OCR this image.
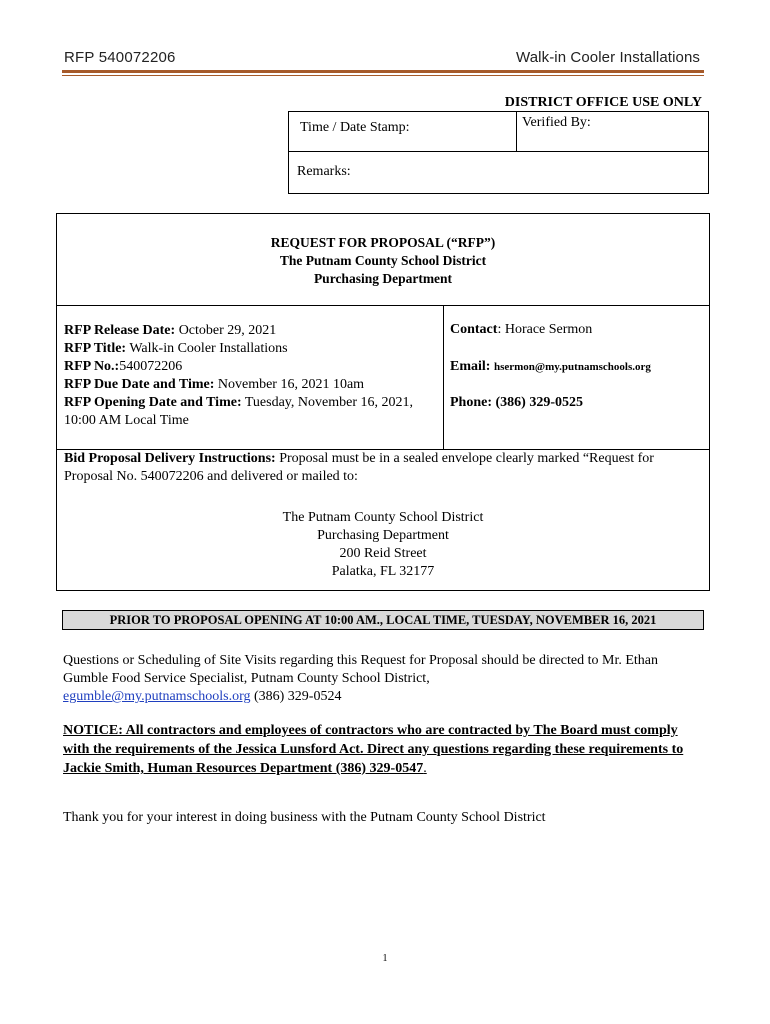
RFP 540072206	Walk-in Cooler Installations
DISTRICT OFFICE USE ONLY
Time / Date Stamp:	Verified By:
Remarks:
REQUEST FOR PROPOSAL (“RFP”)
The Putnam County School District
Purchasing Department
RFP Release Date: October 29, 2021
RFP Title: Walk-in Cooler Installations
RFP No.:540072206
RFP Due Date and Time: November 16, 2021 10am
RFP Opening Date and Time: Tuesday, November 16, 2021, 10:00 AM Local Time
Contact: Horace Sermon
Email: hsermon@my.putnamschools.org
Phone: (386) 329-0525
Bid Proposal Delivery Instructions: Proposal must be in a sealed envelope clearly marked “Request for Proposal No. 540072206 and delivered or mailed to:
The Putnam County School District
Purchasing Department
200 Reid Street
Palatka, FL 32177
PRIOR TO PROPOSAL OPENING AT 10:00 AM., LOCAL TIME, TUESDAY, NOVEMBER 16, 2021
Questions or Scheduling of Site Visits regarding this Request for Proposal should be directed to Mr. Ethan Gumble Food Service Specialist, Putnam County School District,
egumble@my.putnamschools.org (386) 329-0524
NOTICE: All contractors and employees of contractors who are contracted by The Board must comply with the requirements of the Jessica Lunsford Act. Direct any questions regarding these requirements to Jackie Smith, Human Resources Department (386) 329-0547.
Thank you for your interest in doing business with the Putnam County School District
1
